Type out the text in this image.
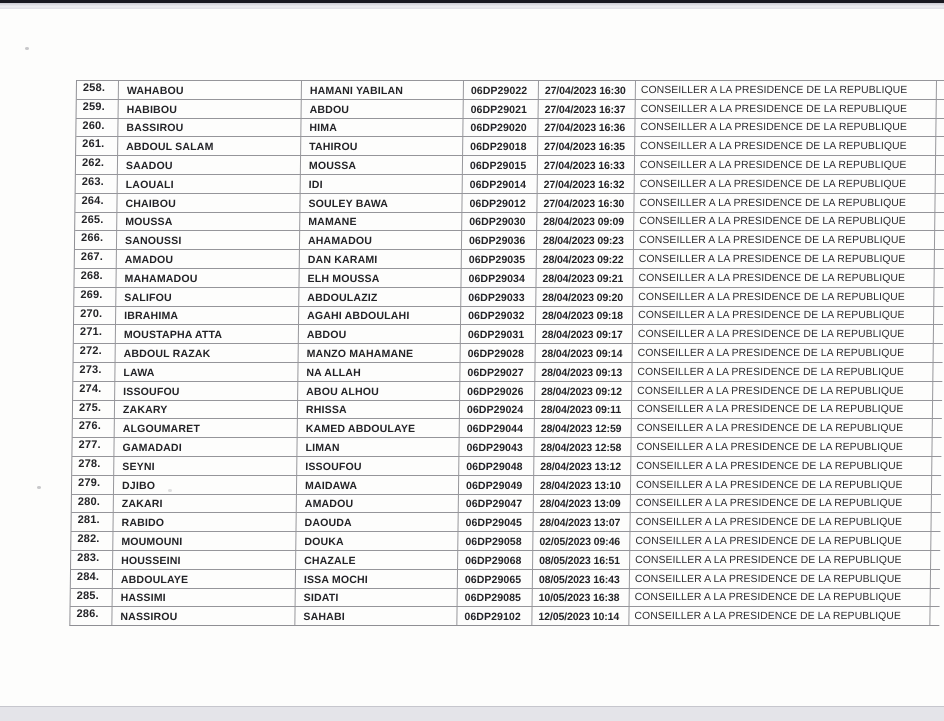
258.	WAHABOU	HAMANI YABILAN	06DP29022	27/04/2023 16:30	CONSEILLER A LA PRESIDENCE DE LA REPUBLIQUE
259.	HABIBOU	ABDOU	06DP29021	27/04/2023 16:37	CONSEILLER A LA PRESIDENCE DE LA REPUBLIQUE
260.	BASSIROU	HIMA	06DP29020	27/04/2023 16:36	CONSEILLER A LA PRESIDENCE DE LA REPUBLIQUE
261.	ABDOUL SALAM	TAHIROU	06DP29018	27/04/2023 16:35	CONSEILLER A LA PRESIDENCE DE LA REPUBLIQUE
262.	SAADOU	MOUSSA	06DP29015	27/04/2023 16:33	CONSEILLER A LA PRESIDENCE DE LA REPUBLIQUE
263.	LAOUALI	IDI	06DP29014	27/04/2023 16:32	CONSEILLER A LA PRESIDENCE DE LA REPUBLIQUE
264.	CHAIBOU	SOULEY BAWA	06DP29012	27/04/2023 16:30	CONSEILLER A LA PRESIDENCE DE LA REPUBLIQUE
265.	MOUSSA	MAMANE	06DP29030	28/04/2023 09:09	CONSEILLER A LA PRESIDENCE DE LA REPUBLIQUE
266.	SANOUSSI	AHAMADOU	06DP29036	28/04/2023 09:23	CONSEILLER A LA PRESIDENCE DE LA REPUBLIQUE
267.	AMADOU	DAN KARAMI	06DP29035	28/04/2023 09:22	CONSEILLER A LA PRESIDENCE DE LA REPUBLIQUE
268.	MAHAMADOU	ELH MOUSSA	06DP29034	28/04/2023 09:21	CONSEILLER A LA PRESIDENCE DE LA REPUBLIQUE
269.	SALIFOU	ABDOULAZIZ	06DP29033	28/04/2023 09:20	CONSEILLER A LA PRESIDENCE DE LA REPUBLIQUE
270.	IBRAHIMA	AGAHI ABDOULAHI	06DP29032	28/04/2023 09:18	CONSEILLER A LA PRESIDENCE DE LA REPUBLIQUE
271.	MOUSTAPHA ATTA	ABDOU	06DP29031	28/04/2023 09:17	CONSEILLER A LA PRESIDENCE DE LA REPUBLIQUE
272.	ABDOUL RAZAK	MANZO MAHAMANE	06DP29028	28/04/2023 09:14	CONSEILLER A LA PRESIDENCE DE LA REPUBLIQUE
273.	LAWA	NA ALLAH	06DP29027	28/04/2023 09:13	CONSEILLER A LA PRESIDENCE DE LA REPUBLIQUE
274.	ISSOUFOU	ABOU ALHOU	06DP29026	28/04/2023 09:12	CONSEILLER A LA PRESIDENCE DE LA REPUBLIQUE
275.	ZAKARY	RHISSA	06DP29024	28/04/2023 09:11	CONSEILLER A LA PRESIDENCE DE LA REPUBLIQUE
276.	ALGOUMARET	KAMED ABDOULAYE	06DP29044	28/04/2023 12:59	CONSEILLER A LA PRESIDENCE DE LA REPUBLIQUE
277.	GAMADADI	LIMAN	06DP29043	28/04/2023 12:58	CONSEILLER A LA PRESIDENCE DE LA REPUBLIQUE
278.	SEYNI	ISSOUFOU	06DP29048	28/04/2023 13:12	CONSEILLER A LA PRESIDENCE DE LA REPUBLIQUE
279.	DJIBO	MAIDAWA	06DP29049	28/04/2023 13:10	CONSEILLER A LA PRESIDENCE DE LA REPUBLIQUE
280.	ZAKARI	AMADOU	06DP29047	28/04/2023 13:09	CONSEILLER A LA PRESIDENCE DE LA REPUBLIQUE
281.	RABIDO	DAOUDA	06DP29045	28/04/2023 13:07	CONSEILLER A LA PRESIDENCE DE LA REPUBLIQUE
282.	MOUMOUNI	DOUKA	06DP29058	02/05/2023 09:46	CONSEILLER A LA PRESIDENCE DE LA REPUBLIQUE
283.	HOUSSEINI	CHAZALE	06DP29068	08/05/2023 16:51	CONSEILLER A LA PRESIDENCE DE LA REPUBLIQUE
284.	ABDOULAYE	ISSA MOCHI	06DP29065	08/05/2023 16:43	CONSEILLER A LA PRESIDENCE DE LA REPUBLIQUE
285.	HASSIMI	SIDATI	06DP29085	10/05/2023 16:38	CONSEILLER A LA PRESIDENCE DE LA REPUBLIQUE
286.	NASSIROU	SAHABI	06DP29102	12/05/2023 10:14	CONSEILLER A LA PRESIDENCE DE LA REPUBLIQUE
